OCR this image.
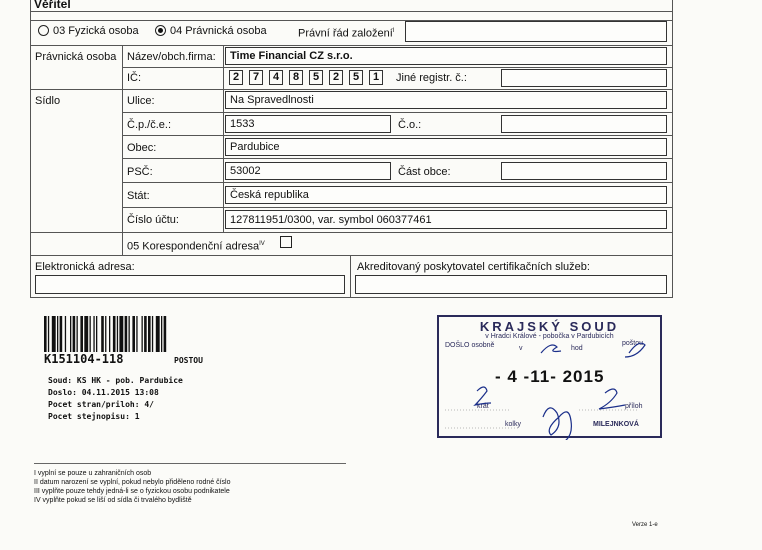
Věřitel
03 Fyzická osoba	04 Právnická osoba	Právní řád založení$^I$
Právnická osoba Název/obch.firma: Time Financial CZ s.r.o.
IČ:	2	7	4	8	5	2	5	1	Jiné registr. č.:
Sídlo	Ulice:	Na Spravedlnosti
Č.p./č.e.:	1533	Č.o.:
Obec:	Pardubice
PSČ:	53002	Část obce:
Stát:	Česká republika
Číslo účtu:	127811951/0300, var. symbol 060377461
05 Korespondenční adresa$^{IV}$
Elektronická adresa:	Akreditovaný poskytovatel certifikačních služeb:
K151104-118	POSTOU
Soud: KS HK - pob. Pardubice
Doslo: 04.11.2015 13:08
Pocet stran/priloh: 4/
Pocet stejnopisu: 1
KRAJSKÝ SOUD
v Hradci Králové - pobočka v Pardubicích
DOŠLO osobně	v	hod
poštou
- 4 -11- 2015
krát	příloh
kolky	MILEJNKOVÁ
I vyplní se pouze u zahraničních osob
II datum narození se vyplní, pokud nebylo přiděleno rodné číslo
III vyplňte pouze tehdy jedná-li se o fyzickou osobu podnikatele
IV vyplňte pokud se liší od sídla či trvalého bydliště
Verze 1-e
